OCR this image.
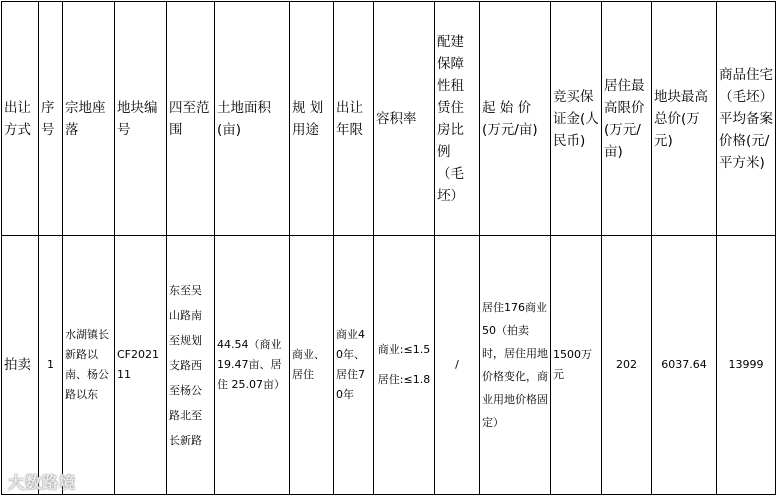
出让方式	序号	宗地座落	地块编号	四至范围	土地面积(亩)	规 划用途	出让年限	容积率	配建保障性租赁住房比例（毛坯）	起 始 价(万元/亩)	竞买保证金(人民币)	居住最高限价(万元/亩)	地块最高总价(万元)	商品住宅（毛坯）平均备案价格(元/平方米)
拍卖	1	水湖镇长新路以南、杨公路以东	CF202111	东至吴山路南至规划支路西至杨公路北至长新路	44.54（商业19.47亩、居住 25.07亩）	商业、居住	商业40年、居住70年	商业:≤1.5居住:≤1.8	/	居住176商业50（拍卖时，居住用地价格变化，商业用地价格固定）	1500万元	202	6037.64	13999
大数路境
